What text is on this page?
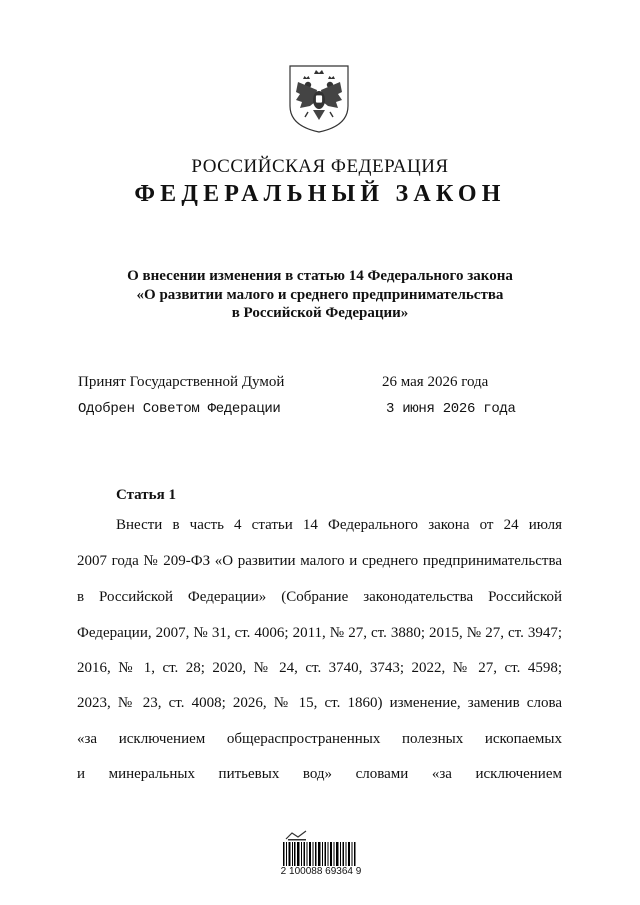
РОССИЙСКАЯ ФЕДЕРАЦИЯ
ФЕДЕРАЛЬНЫЙ ЗАКОН
О внесении изменения в статью 14 Федерального закона
«О развитии малого и среднего предпринимательства
в Российской Федерации»
Принят Государственной Думой	26 мая 2026 года
Одобрен Советом Федерации	3 июня 2026 года
Статья 1
Внести в часть 4 статьи 14 Федерального закона от 24 июля
2007 года № 209-ФЗ «О развитии малого и среднего предпринимательства
в Российской Федерации» (Собрание законодательства Российской
Федерации, 2007, № 31, ст. 4006; 2011, № 27, ст. 3880; 2015, № 27, ст. 3947;
2016, № 1, ст. 28; 2020, № 24, ст. 3740, 3743; 2022, № 27, ст. 4598;
2023, № 23, ст. 4008; 2026, № 15, ст. 1860) изменение, заменив слова
«за исключением общераспространенных полезных ископаемых
и минеральных питьевых вод» словами «за исключением
2 100088 69364 9
